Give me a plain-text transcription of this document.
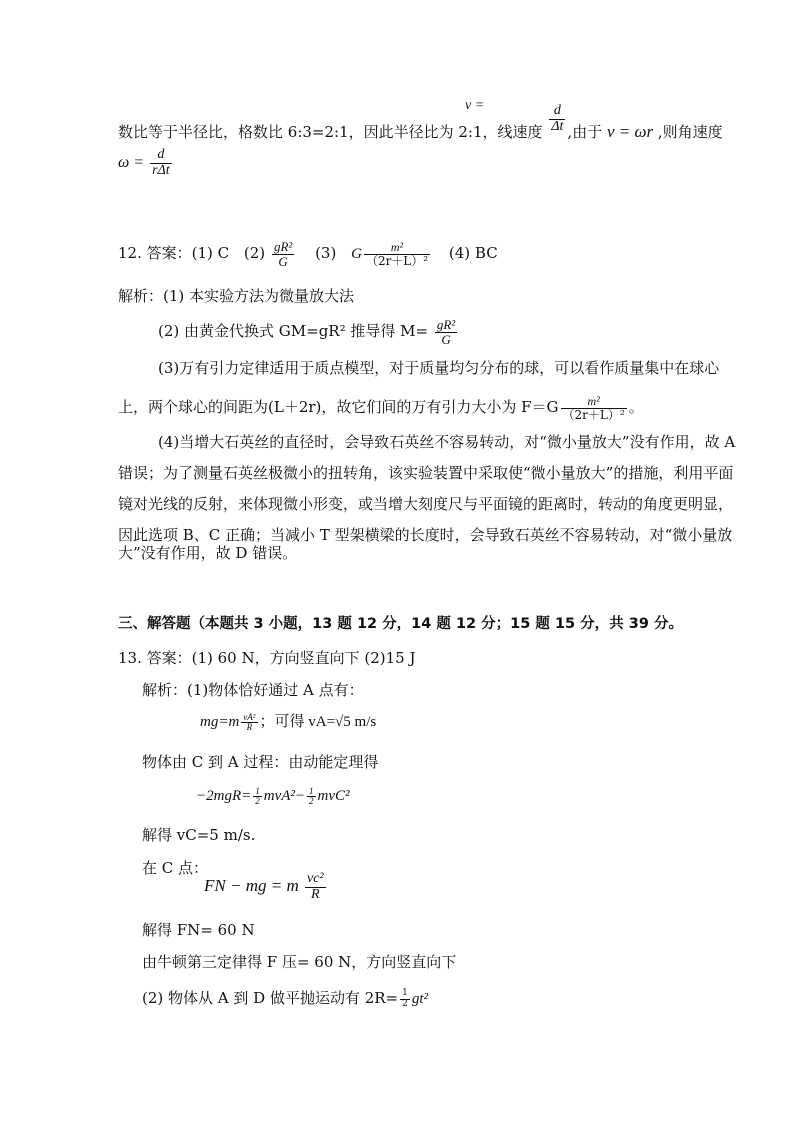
数比等于半径比，格数比 6:3=2:1，因此半径比为 2:1，线速度 $\frac{d}{\Delta t}$ ,由于 v = ωr ,则角速度
v =
$\omega = \frac{d}{\text{rΔt}}$
12. 答案：(1) C $(2) \frac{\text{gR²}}{G} (3)$ G $\frac{\text{m²}}{\text{（2r＋L）²}} (4)$ BC
解析：(1) 本实验方法为微量放大法
(2) 由黄金代换式 GM=gR² 推导得 $M= \frac{\text{gR²}}{G}$
(3)万有引力定律适用于质点模型，对于质量均匀分布的球，可以看作质量集中在球心
上，两个球心的间距为(L＋2r)，故它们间的万有引力大小为 $F=G \frac{\text{m²}}{\text{（2r＋L）²}}$ 。
(4)当增大石英丝的直径时，会导致石英丝不容易转动，对“微小量放大”没有作用，故 A
错误；为了测量石英丝极微小的扭转角，该实验装置中采取使“微小量放大”的措施，利用平面
镜对光线的反射，来体现微小形变，或当增大刻度尺与平面镜的距离时，转动的角度更明显，
因此选项 B、C 正确；当减小 T 型架横梁的长度时，会导致石英丝不容易转动，对“微小量放
大”没有作用，故 D 错误。
三、解答题（本题共 3 小题，13 题 12 分，14 题 12 分；15 题 15 分，共 39 分。
13. 答案：(1) 60 N，方向竖直向下 (2)15 J
解析：(1)物体恰好通过 A 点有：
$mg=m \frac{\text{vA²}}{R}$ ；可得 vA=√5 m/s
物体由 C 到 A 过程：由动能定理得
$-2mgR= \frac{1}{2} mvA^2- \frac{1}{2} mvC^2$
解得 vC=5 m/s.
在 C 点：
FN − mg = m $\frac{\text{vc²}}{R}$
解得 FN= 60 N
由牛顿第三定律得 F 压= 60 N，方向竖直向下
(2) 物体从 A 到 D 做平抛运动有 $2R= \frac{1}{2} gt^2$
